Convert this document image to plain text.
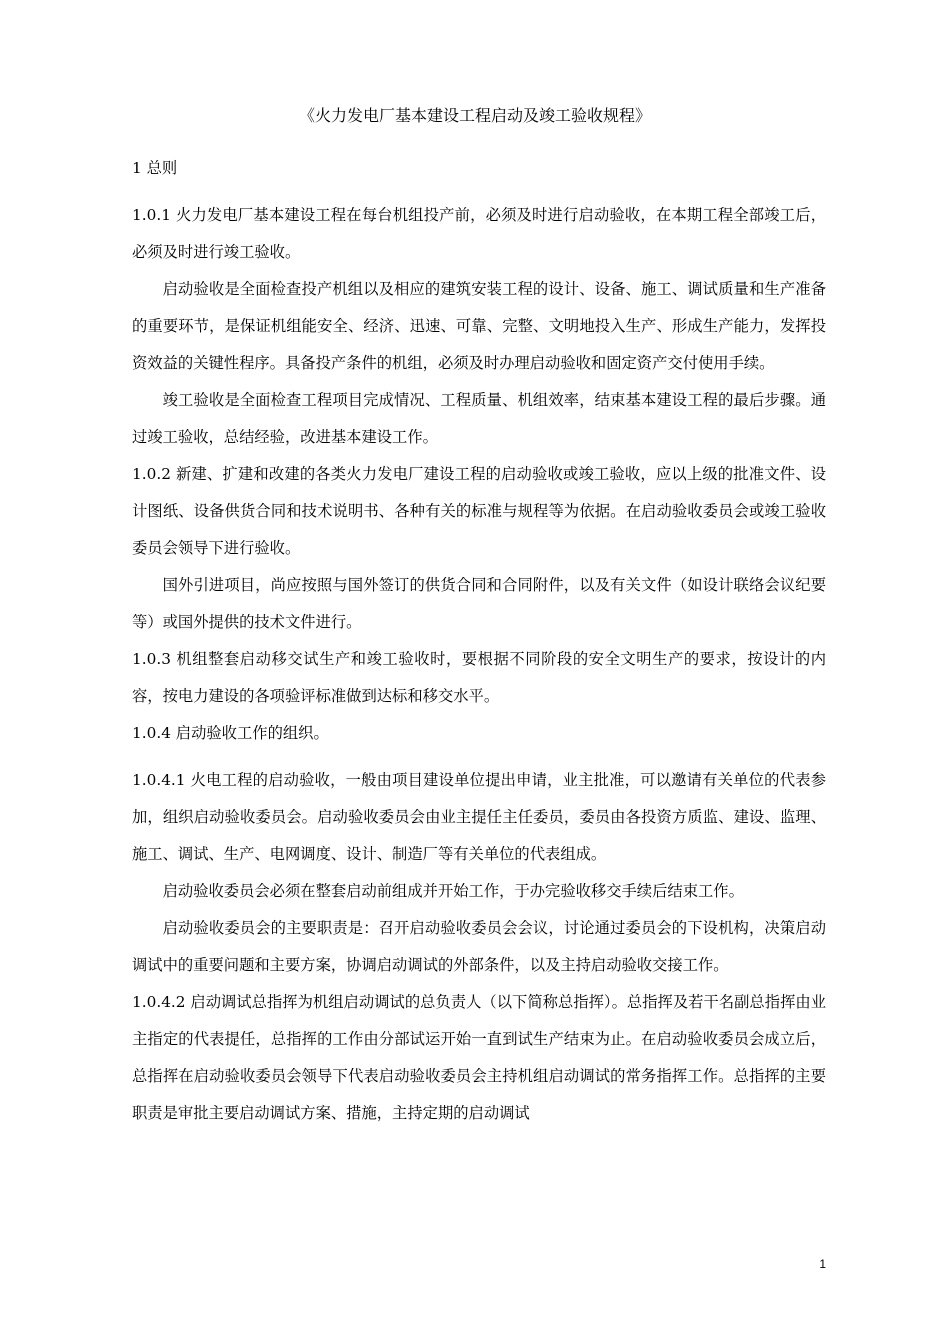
《火力发电厂基本建设工程启动及竣工验收规程》

1 总则

1.0.1 火力发电厂基本建设工程在每台机组投产前，必须及时进行启动验收，在本期工程全部竣工后，必须及时进行竣工验收。

启动验收是全面检查投产机组以及相应的建筑安装工程的设计、设备、施工、调试质量和生产准备的重要环节，是保证机组能安全、经济、迅速、可靠、完整、文明地投入生产、形成生产能力，发挥投资效益的关键性程序。具备投产条件的机组，必须及时办理启动验收和固定资产交付使用手续。

竣工验收是全面检查工程项目完成情况、工程质量、机组效率，结束基本建设工程的最后步骤。通过竣工验收，总结经验，改进基本建设工作。

1.0.2 新建、扩建和改建的各类火力发电厂建设工程的启动验收或竣工验收，应以上级的批准文件、设计图纸、设备供货合同和技术说明书、各种有关的标准与规程等为依据。在启动验收委员会或竣工验收委员会领导下进行验收。

国外引进项目，尚应按照与国外签订的供货合同和合同附件，以及有关文件（如设计联络会议纪要等）或国外提供的技术文件进行。

1.0.3 机组整套启动移交试生产和竣工验收时，要根据不同阶段的安全文明生产的要求，按设计的内容，按电力建设的各项验评标准做到达标和移交水平。

1.0.4 启动验收工作的组织。

1.0.4.1 火电工程的启动验收，一般由项目建设单位提出申请，业主批准，可以邀请有关单位的代表参加，组织启动验收委员会。启动验收委员会由业主提任主任委员，委员由各投资方质监、建设、监理、施工、调试、生产、电网调度、设计、制造厂等有关单位的代表组成。

启动验收委员会必须在整套启动前组成并开始工作，于办完验收移交手续后结束工作。

启动验收委员会的主要职责是：召开启动验收委员会会议，讨论通过委员会的下设机构，决策启动调试中的重要问题和主要方案，协调启动调试的外部条件，以及主持启动验收交接工作。

1.0.4.2 启动调试总指挥为机组启动调试的总负责人（以下简称总指挥）。总指挥及若干名副总指挥由业主指定的代表提任，总指挥的工作由分部试运开始一直到试生产结束为止。在启动验收委员会成立后，总指挥在启动验收委员会领导下代表启动验收委员会主持机组启动调试的常务指挥工作。总指挥的主要职责是审批主要启动调试方案、措施，主持定期的启动调试

1
